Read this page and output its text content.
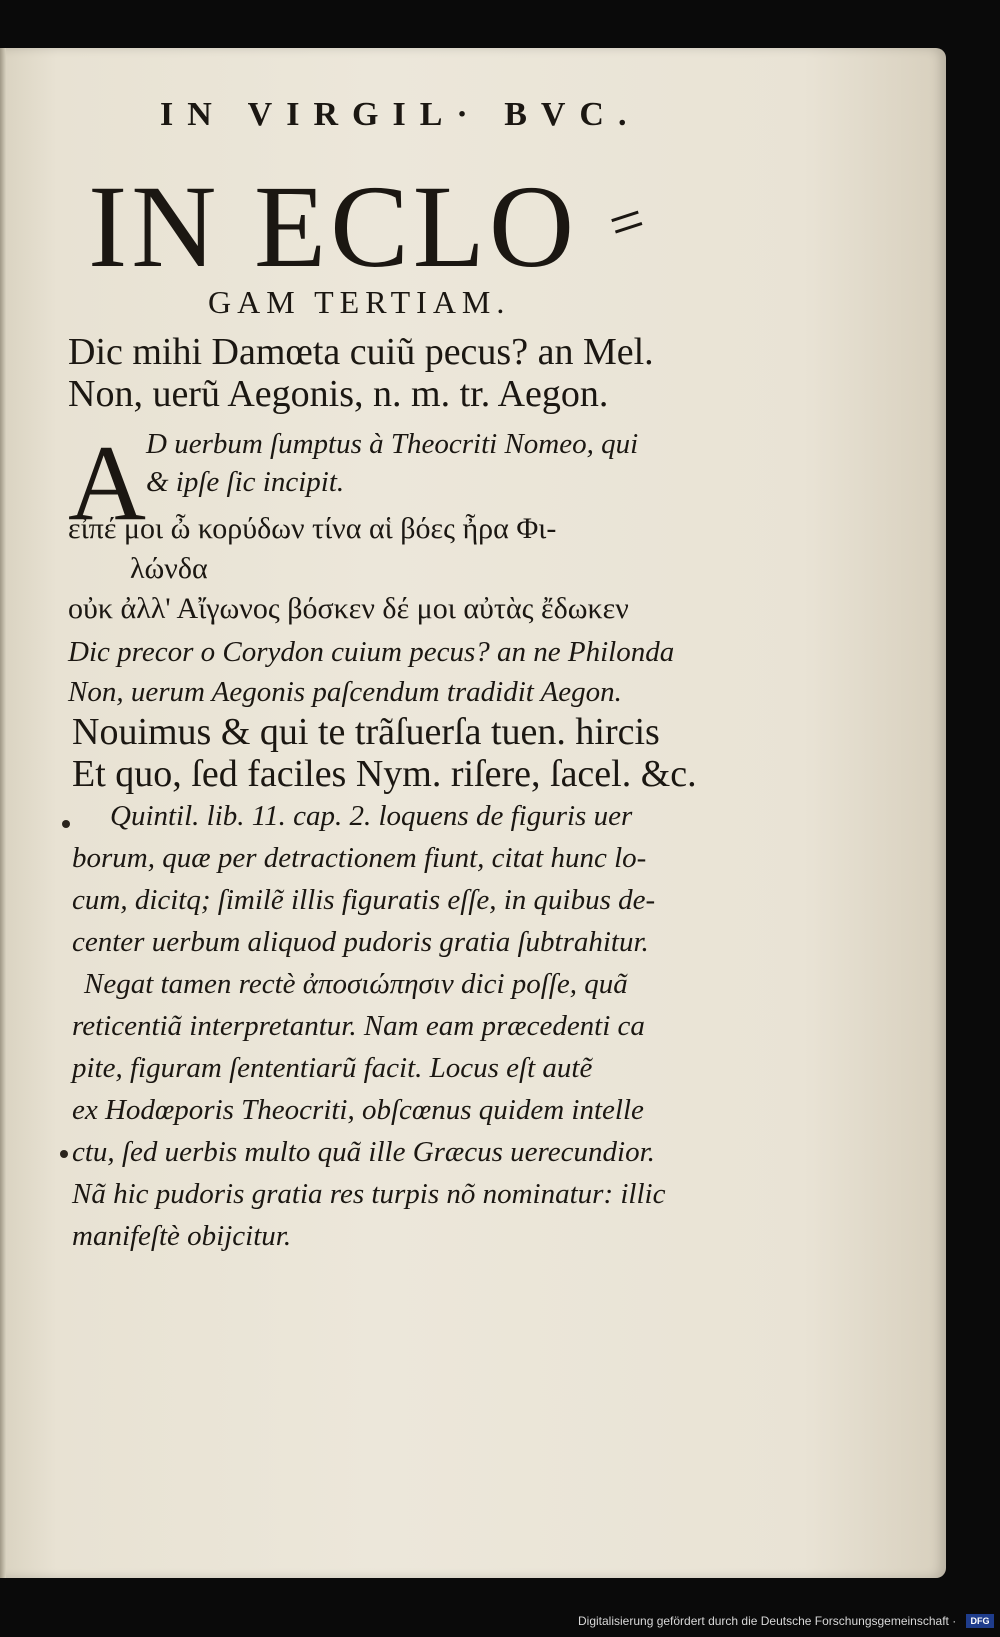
IN VIRGIL· BVC.
IN ECLO =
GAM TERTIAM.
Dic mihi Damœta cuiũ pecus? an Mel.
Non, uerũ Aegonis, n. m. tr. Aegon.
A D uerbum ſumptus à Theocriti Nomeo, qui
& ipſe ſic incipit.
εἰπέ μοι ὦ κορύδων τίνα αἱ βόες ἦρα Φι-
λώνδα
οὐκ ἀλλ' Αἴγωνος βόσκεν δέ μοι αὐτὰς ἔδωκεν
Dic precor o Corydon cuium pecus? an ne Philonda
Non, uerum Aegonis paſcendum tradidit Aegon.
Nouimus & qui te trãſuerſa tuen. hircis
Et quo, ſed faciles Nym. riſere, ſacel. &c.
Quintil. lib. 11. cap. 2. loquens de figuris uer
borum, quæ per detractionem fiunt, citat hunc lo-
cum, dicitq; ſimilẽ illis figuratis eſſe, in quibus de-
center uerbum aliquod pudoris gratia ſubtrahitur.
Negat tamen rectè ἀποσιώπησιν dici poſſe, quã
reticentiã interpretantur. Nam eam præcedenti ca
pite, figuram ſententiarũ facit. Locus eſt autẽ
ex Hodœporis Theocriti, obſcœnus quidem intelle
ctu, ſed uerbis multo quã ille Græcus uerecundior.
Nã hic pudoris gratia res turpis nõ nominatur: illic
manifeſtè obijcitur.
Digitalisierung gefördert durch die Deutsche Forschungsgemeinschaft ·	DFG
